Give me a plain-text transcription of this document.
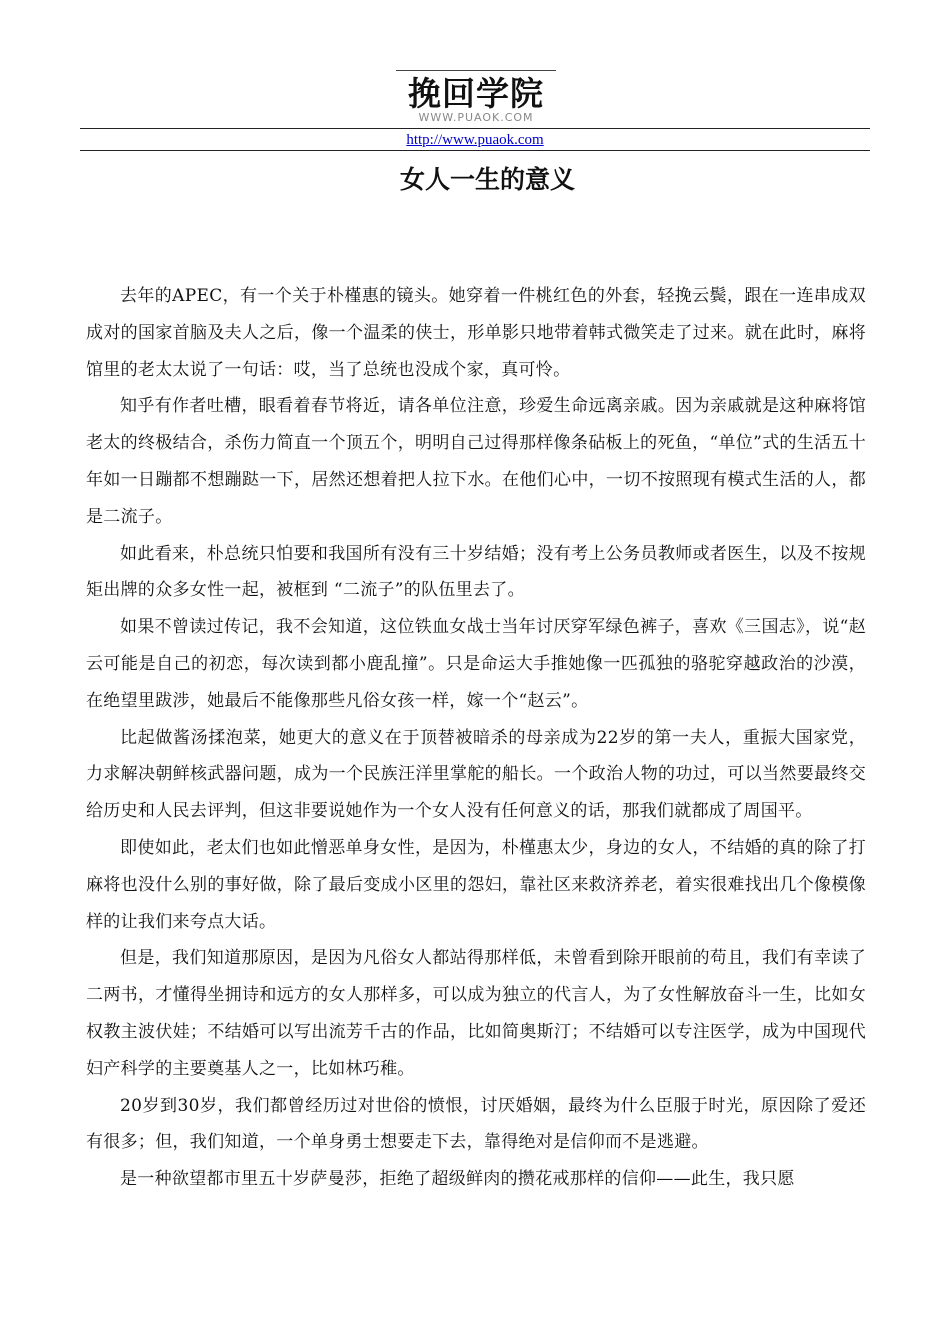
挽回学院
WWW.PUAOK.COM
http://www.puaok.com
女人一生的意义

去年的APEC，有一个关于朴槿惠的镜头。她穿着一件桃红色的外套，轻挽云鬓，跟在一连串成双成对的国家首脑及夫人之后，像一个温柔的侠士，形单影只地带着韩式微笑走了过来。就在此时，麻将馆里的老太太说了一句话：哎，当了总统也没成个家，真可怜。

知乎有作者吐槽，眼看着春节将近，请各单位注意，珍爱生命远离亲戚。因为亲戚就是这种麻将馆老太的终极结合，杀伤力简直一个顶五个，明明自己过得那样像条砧板上的死鱼，“单位”式的生活五十年如一日蹦都不想蹦跶一下，居然还想着把人拉下水。在他们心中，一切不按照现有模式生活的人，都是二流子。

如此看来，朴总统只怕要和我国所有没有三十岁结婚；没有考上公务员教师或者医生，以及不按规矩出牌的众多女性一起，被框到 “二流子”的队伍里去了。

如果不曾读过传记，我不会知道，这位铁血女战士当年讨厌穿军绿色裤子，喜欢《三国志》，说“赵云可能是自己的初恋，每次读到都小鹿乱撞”。只是命运大手推她像一匹孤独的骆驼穿越政治的沙漠，在绝望里跋涉，她最后不能像那些凡俗女孩一样，嫁一个“赵云”。

比起做酱汤揉泡菜，她更大的意义在于顶替被暗杀的母亲成为22岁的第一夫人，重振大国家党，力求解决朝鲜核武器问题，成为一个民族汪洋里掌舵的船长。一个政治人物的功过，可以当然要最终交给历史和人民去评判，但这非要说她作为一个女人没有任何意义的话，那我们就都成了周国平。

即使如此，老太们也如此憎恶单身女性，是因为，朴槿惠太少，身边的女人，不结婚的真的除了打麻将也没什么别的事好做，除了最后变成小区里的怨妇，靠社区来救济养老，着实很难找出几个像模像样的让我们来夸点大话。

但是，我们知道那原因，是因为凡俗女人都站得那样低，未曾看到除开眼前的苟且，我们有幸读了二两书，才懂得坐拥诗和远方的女人那样多，可以成为独立的代言人，为了女性解放奋斗一生，比如女权教主波伏娃；不结婚可以写出流芳千古的作品，比如简奥斯汀；不结婚可以专注医学，成为中国现代妇产科学的主要奠基人之一，比如林巧稚。

20岁到30岁，我们都曾经历过对世俗的愤恨，讨厌婚姻，最终为什么臣服于时光，原因除了爱还有很多；但，我们知道，一个单身勇士想要走下去，靠得绝对是信仰而不是逃避。

是一种欲望都市里五十岁萨曼莎，拒绝了超级鲜肉的攒花戒那样的信仰——此生，我只愿
